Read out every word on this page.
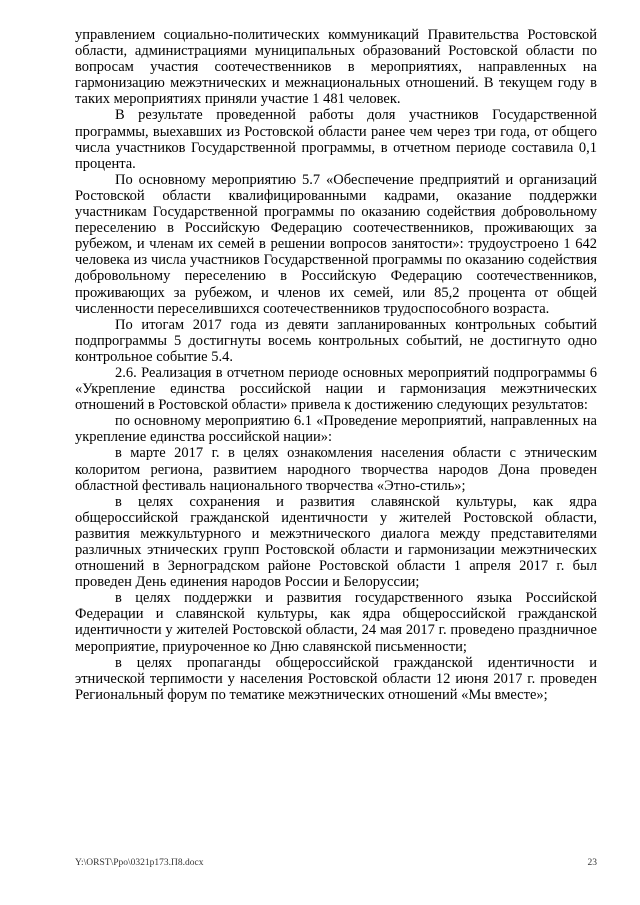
управлением социально-политических коммуникаций Правительства Ростовской области, администрациями муниципальных образований Ростовской области по вопросам участия соотечественников в мероприятиях, направленных на гармонизацию межэтнических и межнациональных отношений. В текущем году в таких мероприятиях приняли участие 1 481 человек.

В результате проведенной работы доля участников Государственной программы, выехавших из Ростовской области ранее чем через три года, от общего числа участников Государственной программы, в отчетном периоде составила 0,1 процента.

По основному мероприятию 5.7 «Обеспечение предприятий и организаций Ростовской области квалифицированными кадрами, оказание поддержки участникам Государственной программы по оказанию содействия добровольному переселению в Российскую Федерацию соотечественников, проживающих за рубежом, и членам их семей в решении вопросов занятости»: трудоустроено 1 642 человека из числа участников Государственной программы по оказанию содействия добровольному переселению в Российскую Федерацию соотечественников, проживающих за рубежом, и членов их семей, или 85,2 процента от общей численности переселившихся соотечественников трудоспособного возраста.

По итогам 2017 года из девяти запланированных контрольных событий подпрограммы 5 достигнуты восемь контрольных событий, не достигнуто одно контрольное событие 5.4.

2.6. Реализация в отчетном периоде основных мероприятий подпрограммы 6 «Укрепление единства российской нации и гармонизация межэтнических отношений в Ростовской области» привела к достижению следующих результатов:

по основному мероприятию 6.1 «Проведение мероприятий, направленных на укрепление единства российской нации»:

в марте 2017 г. в целях ознакомления населения области с этническим колоритом региона, развитием народного творчества народов Дона проведен областной фестиваль национального творчества «Этно-стиль»;

в целях сохранения и развития славянской культуры, как ядра общероссийской гражданской идентичности у жителей Ростовской области, развития межкультурного и межэтнического диалога между представителями различных этнических групп Ростовской области и гармонизации межэтнических отношений в Зерноградском районе Ростовской области 1 апреля 2017 г. был проведен День единения народов России и Белоруссии;

в целях поддержки и развития государственного языка Российской Федерации и славянской культуры, как ядра общероссийской гражданской идентичности у жителей Ростовской области, 24 мая 2017 г. проведено праздничное мероприятие, приуроченное ко Дню славянской письменности;

в целях пропаганды общероссийской гражданской идентичности и этнической терпимости у населения Ростовской области 12 июня 2017 г. проведен Региональный форум по тематике межэтнических отношений «Мы вместе»;

Y:\ORST\Ppo\0321p173.П8.docx	23
